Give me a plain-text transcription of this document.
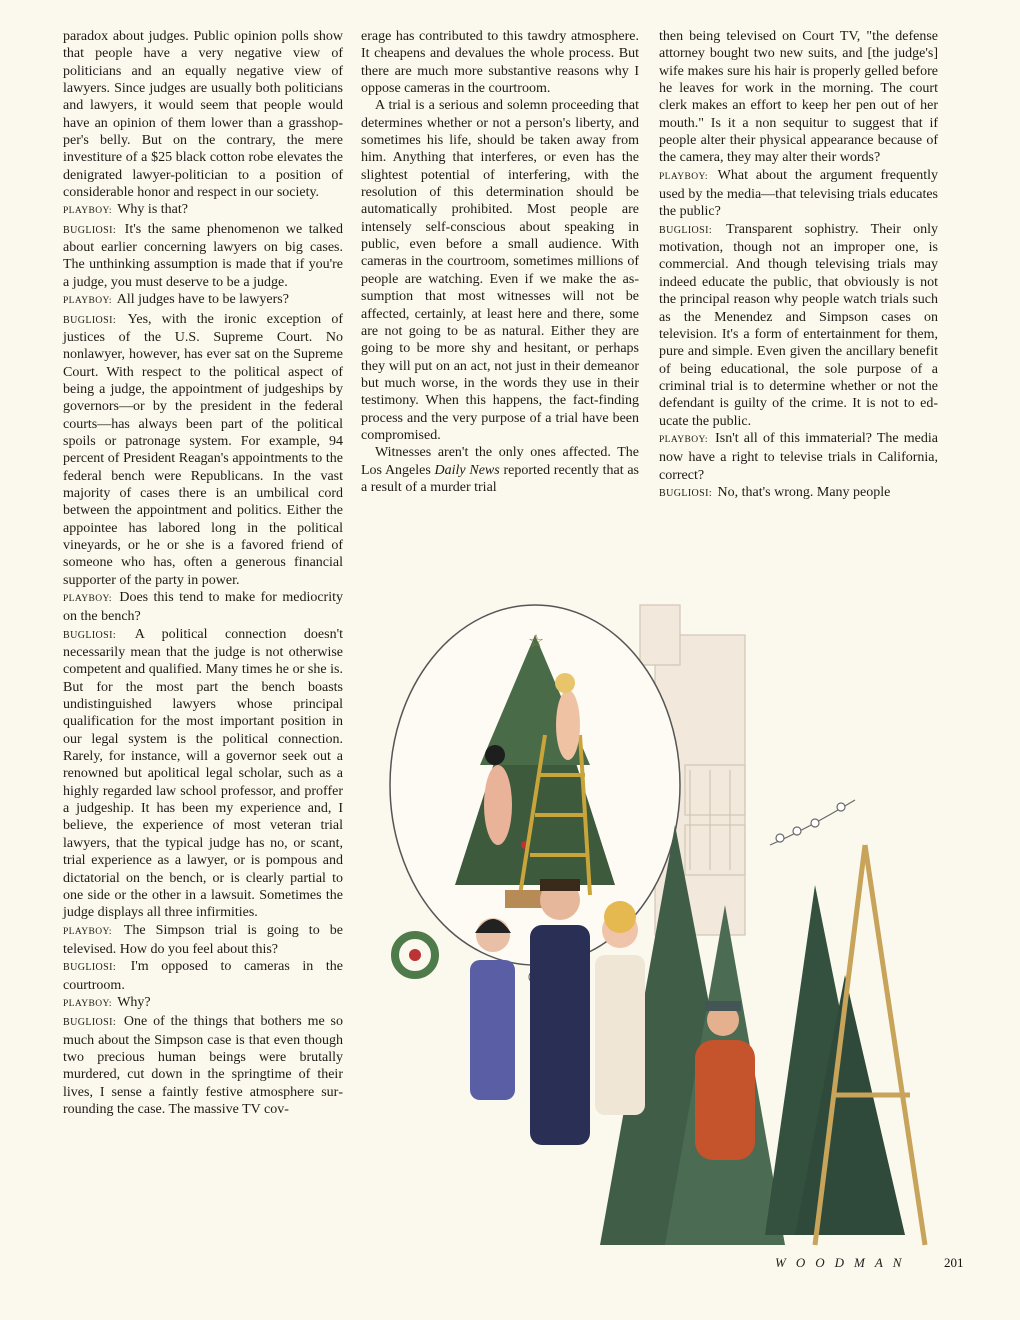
paradox about judges. Public opinion polls show that people have a very negative view of politicians and an equally negative view of lawyers. Since judges are usually both politicians and lawyers, it would seem that people would have an opinion of them lower than a grasshopper's belly. But on the contrary, the mere investiture of a $25 black cotton robe elevates the denigrated lawyer-politician to a position of considerable honor and respect in our society.

PLAYBOY: Why is that?

BUGLIOSI: It's the same phenomenon we talked about earlier concerning lawyers on big cases. The unthinking assumption is made that if you're a judge, you must deserve to be a judge.

PLAYBOY: All judges have to be lawyers?

BUGLIOSI: Yes, with the ironic exception of justices of the U.S. Supreme Court. No nonlawyer, however, has ever sat on the Supreme Court. With respect to the political aspect of being a judge, the appointment of judgeships by governors—or by the president in the federal courts—has always been part of the political spoils or patronage system. For example, 94 percent of President Reagan's appointments to the federal bench were Republicans. In the vast majority of cases there is an umbilical cord between the appointment and politics. Either the appointee has labored long in the political vineyards, or he or she is a favored friend of someone who has, often a generous financial supporter of the party in power.

PLAYBOY: Does this tend to make for mediocrity on the bench?

BUGLIOSI: A political connection doesn't necessarily mean that the judge is not otherwise competent and qualified. Many times he or she is. But for the most part the bench boasts undistinguished lawyers whose principal qualification for the most important position in our legal system is the political connection. Rarely, for instance, will a governor seek out a renowned but apolitical legal scholar, such as a highly regarded law school professor, and proffer a judgeship. It has been my experience and, I believe, the experience of most veteran trial lawyers, that the typical judge has no, or scant, trial experience as a lawyer, or is pompous and dictatorial on the bench, or is clearly partial to one side or the other in a lawsuit. Sometimes the judge displays all three infirmities.

PLAYBOY: The Simpson trial is going to be televised. How do you feel about this?

BUGLIOSI: I'm opposed to cameras in the courtroom.

PLAYBOY: Why?

BUGLIOSI: One of the things that bothers me so much about the Simpson case is that even though two precious human beings were brutally murdered, cut down in the springtime of their lives, I sense a faintly festive atmosphere surrounding the case. The massive TV cov-

erage has contributed to this tawdry atmosphere. It cheapens and devalues the whole process. But there are much more substantive reasons why I oppose cameras in the courtroom.

A trial is a serious and solemn proceeding that determines whether or not a person's liberty, and sometimes his life, should be taken away from him. Anything that interferes, or even has the slightest potential of interfering, with the resolution of this determination should be automatically prohibited. Most people are intensely self-conscious about speaking in public, even before a small audience. With cameras in the courtroom, sometimes millions of people are watching. Even if we make the assumption that most witnesses will not be affected, certainly, at least here and there, some are not going to be as natural. Either they are going to be more shy and hesitant, or perhaps they will put on an act, not just in their demeanor but much worse, in the words they use in their testimony. When this happens, the fact-finding process and the very purpose of a trial have been compromised.

Witnesses aren't the only ones affected. The Los Angeles Daily News reported recently that as a result of a murder trial

then being televised on Court TV, "the defense attorney bought two new suits, and [the judge's] wife makes sure his hair is properly gelled before he leaves for work in the morning. The court clerk makes an effort to keep her pen out of her mouth." Is it a non sequitur to suggest that if people alter their physical appearance because of the camera, they may alter their words?

PLAYBOY: What about the argument frequently used by the media—that televising trials educates the public?

BUGLIOSI: Transparent sophistry. Their only motivation, though not an improper one, is commercial. And though televising trials may indeed educate the public, that obviously is not the principal reason why people watch trials such as the Menendez and Simpson cases on television. It's a form of entertainment for them, pure and simple. Even given the ancillary benefit of being educational, the sole purpose of a criminal trial is to determine whether or not the defendant is guilty of the crime. It is not to educate the public.

PLAYBOY: Isn't all of this immaterial? The media now have a right to televise trials in California, correct?

BUGLIOSI: No, that's wrong. Many people

☆
WOODMAN	201
